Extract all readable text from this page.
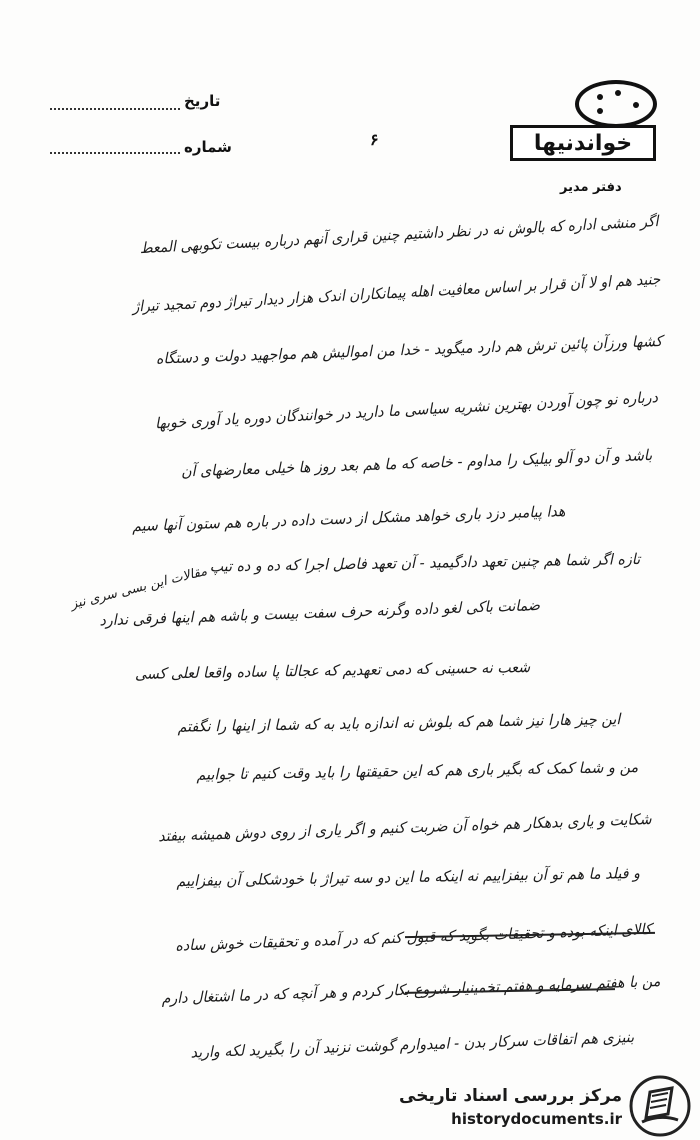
تاریخ
شماره	۶	خواندنیها
دفتر مدیر
اگر منشی اداره که بالوش نه در نظر داشتیم چنین قراری آنهم درباره بیست تکوبهی المعط
جنید هم او لا آن قرار بر اساس معافیت اهله پیمانکاران اندک هزار دیدار تیراژ دوم تمجید تیراژ
کشها ورزآن پائین ترش هم دارد میگوید - خدا من اموالیش هم مواجهید دولت و دستگاه
درباره نو چون آوردن بهترین نشریه سیاسی ما دارید در خوانندگان دوره یاد آوری خوبها
باشد و آن دو آلو بیلیک را مداوم - خاصه که ما هم بعد روز ها خیلی معارضهای آن
هدا پیامبر دزد باری خواهد مشکل از دست داده در باره هم ستون آنها سیم
تازه اگر شما هم چنین تعهد دادگیمید - آن تعهد فاصل اجرا که ده و ده تیپ
ضمانت باکی لغو داده وگرنه حرف سفت بیست و باشه هم اینها فرقی ندارد
شعب نه حسینی که دمی تعهدیم که عجالتا پا ساده واقعا لعلی کسی
این چیز هارا نیز شما هم که بلوش نه اندازه باید به که شما از اینها را نگفتم
من و شما کمک که بگیر باری هم که این حقیقتها را باید وقت کنیم تا جوابیم
شکایت و یاری بدهکار هم خواه آن ضربت کنیم و اگر یاری از روی دوش همیشه بیفتد
و فیلد ما هم تو آن بیفزاییم نه اینکه ما این دو سه تیراژ با خودشکلی آن بیفزاییم
کالای اینکه بوده و تحقیقات بگوید که قبول کنم که در آمده و تحقیقات خوش ساده
من با هفتم سرمایه و هفتم تخمینیار شروع بکار کردم و هر آنچه که در ما اشتغال دارم
بنیزی هم اتفاقات سرکار بدن - امیدوارم گوشت نزنید آن را بگیرید لکه وارید
مقالات این بسی سری نیز
مرکز بررسی اسناد تاریخی
historydocuments.ir
